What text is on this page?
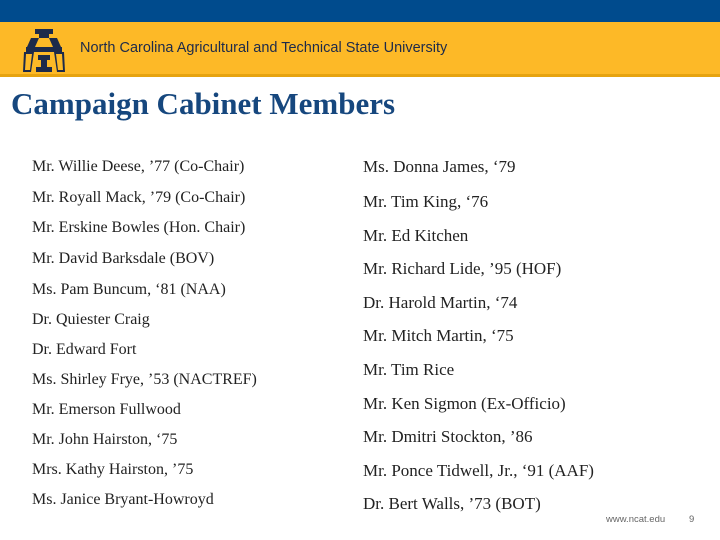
North Carolina Agricultural and Technical State University
Campaign Cabinet Members
Mr. Willie Deese, ’77 (Co-Chair)
Mr. Royall Mack, ’79 (Co-Chair)
Mr. Erskine Bowles (Hon. Chair)
Mr. David Barksdale (BOV)
Ms. Pam Buncum, ‘81 (NAA)
Dr. Quiester Craig
Dr. Edward Fort
Ms. Shirley Frye, ’53 (NACTREF)
Mr. Emerson Fullwood
Mr. John Hairston, ‘75
Mrs. Kathy Hairston, ’75
Ms. Janice Bryant-Howroyd
Ms. Donna James, ‘79
Mr. Tim King, ‘76
Mr. Ed Kitchen
Mr. Richard Lide, ’95 (HOF)
Dr. Harold Martin, ‘74
Mr. Mitch Martin, ‘75
Mr. Tim Rice
Mr. Ken Sigmon (Ex-Officio)
Mr. Dmitri Stockton, ’86
Mr. Ponce Tidwell, Jr., ‘91 (AAF)
Dr. Bert Walls, ’73 (BOT)
www.ncat.edu	9
